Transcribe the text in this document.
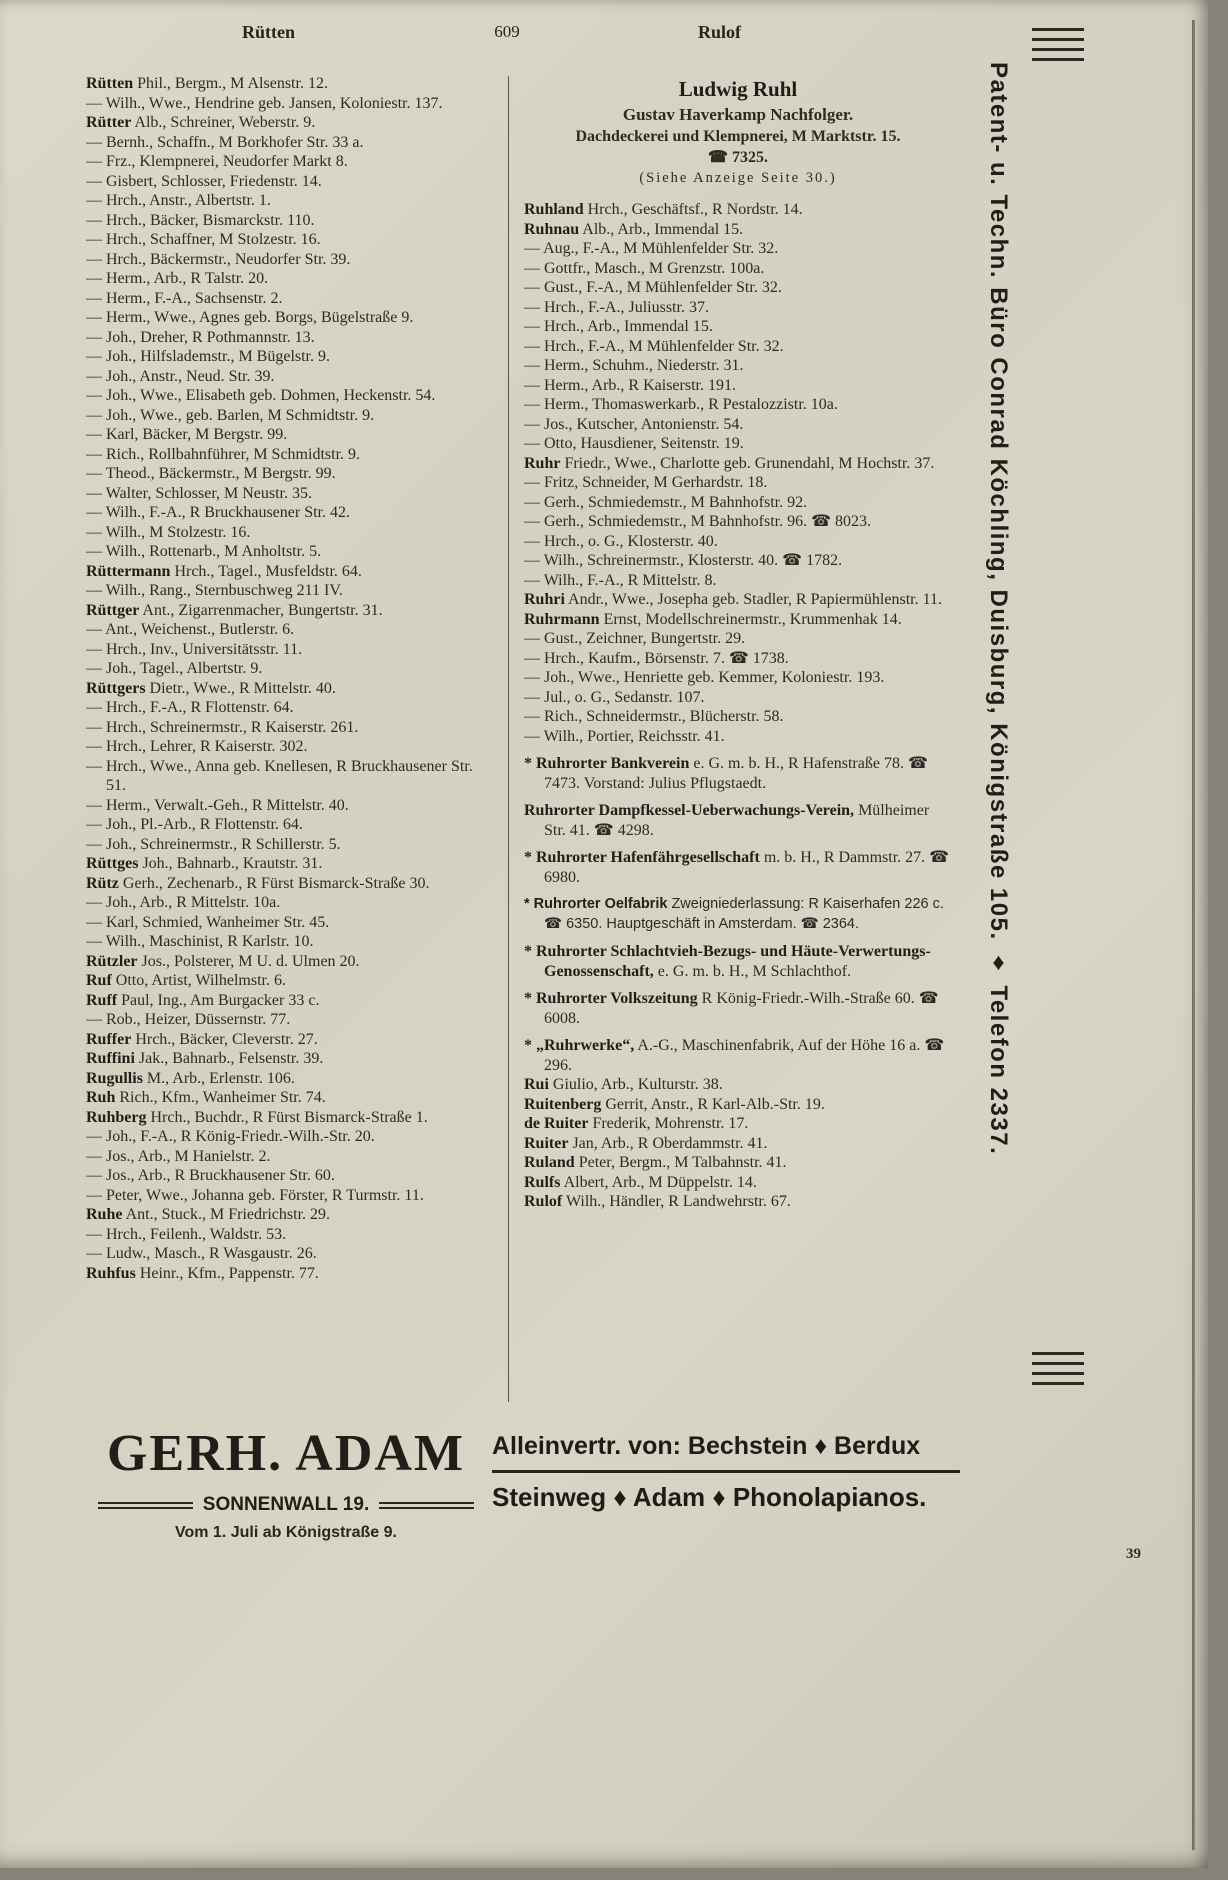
Rütten	609	Rulof
Rütten Phil., Bergm., M Alsenstr. 12.
— Wilh., Wwe., Hendrine geb. Jansen, Koloniestr. 137.
Rütter Alb., Schreiner, Weberstr. 9.
— Bernh., Schaffn., M Borkhofer Str. 33 a.
— Frz., Klempnerei, Neudorfer Markt 8.
— Gisbert, Schlosser, Friedenstr. 14.
— Hrch., Anstr., Albertstr. 1.
— Hrch., Bäcker, Bismarckstr. 110.
— Hrch., Schaffner, M Stolzestr. 16.
— Hrch., Bäckermstr., Neudorfer Str. 39.
— Herm., Arb., R Talstr. 20.
— Herm., F.-A., Sachsenstr. 2.
— Herm., Wwe., Agnes geb. Borgs, Bügelstraße 9.
— Joh., Dreher, R Pothmannstr. 13.
— Joh., Hilfslademstr., M Bügelstr. 9.
— Joh., Anstr., Neud. Str. 39.
— Joh., Wwe., Elisabeth geb. Dohmen, Heckenstr. 54.
— Joh., Wwe., geb. Barlen, M Schmidtstr. 9.
— Karl, Bäcker, M Bergstr. 99.
— Rich., Rollbahnführer, M Schmidtstr. 9.
— Theod., Bäckermstr., M Bergstr. 99.
— Walter, Schlosser, M Neustr. 35.
— Wilh., F.-A., R Bruckhausener Str. 42.
— Wilh., M Stolzestr. 16.
— Wilh., Rottenarb., M Anholtstr. 5.
Rüttermann Hrch., Tagel., Musfeldstr. 64.
— Wilh., Rang., Sternbuschweg 211 IV.
Rüttger Ant., Zigarrenmacher, Bungertstr. 31.
— Ant., Weichenst., Butlerstr. 6.
— Hrch., Inv., Universitätsstr. 11.
— Joh., Tagel., Albertstr. 9.
Rüttgers Dietr., Wwe., R Mittelstr. 40.
— Hrch., F.-A., R Flottenstr. 64.
— Hrch., Schreinermstr., R Kaiserstr. 261.
— Hrch., Lehrer, R Kaiserstr. 302.
— Hrch., Wwe., Anna geb. Knellesen, R Bruckhausener Str. 51.
— Herm., Verwalt.-Geh., R Mittelstr. 40.
— Joh., Pl.-Arb., R Flottenstr. 64.
— Joh., Schreinermstr., R Schillerstr. 5.
Rüttges Joh., Bahnarb., Krautstr. 31.
Rütz Gerh., Zechenarb., R Fürst Bismarck-Straße 30.
— Joh., Arb., R Mittelstr. 10a.
— Karl, Schmied, Wanheimer Str. 45.
— Wilh., Maschinist, R Karlstr. 10.
Rützler Jos., Polsterer, M U. d. Ulmen 20.
Ruf Otto, Artist, Wilhelmstr. 6.
Ruff Paul, Ing., Am Burgacker 33 c.
— Rob., Heizer, Düssernstr. 77.
Ruffer Hrch., Bäcker, Cleverstr. 27.
Ruffini Jak., Bahnarb., Felsenstr. 39.
Rugullis M., Arb., Erlenstr. 106.
Ruh Rich., Kfm., Wanheimer Str. 74.
Ruhberg Hrch., Buchdr., R Fürst Bismarck-Straße 1.
— Joh., F.-A., R König-Friedr.-Wilh.-Str. 20.
— Jos., Arb., M Hanielstr. 2.
— Jos., Arb., R Bruckhausener Str. 60.
— Peter, Wwe., Johanna geb. Förster, R Turmstr. 11.
Ruhe Ant., Stuck., M Friedrichstr. 29.
— Hrch., Feilenh., Waldstr. 53.
— Ludw., Masch., R Wasgaustr. 26.
Ruhfus Heinr., Kfm., Pappenstr. 77.
Ludwig Ruhl
Gustav Haverkamp Nachfolger.
Dachdeckerei und Klempnerei, M Marktstr. 15.
☎ 7325.
(Siehe Anzeige Seite 30.)
Ruhland Hrch., Geschäftsf., R Nordstr. 14.
Ruhnau Alb., Arb., Immendal 15.
— Aug., F.-A., M Mühlenfelder Str. 32.
— Gottfr., Masch., M Grenzstr. 100a.
— Gust., F.-A., M Mühlenfelder Str. 32.
— Hrch., F.-A., Juliusstr. 37.
— Hrch., Arb., Immendal 15.
— Hrch., F.-A., M Mühlenfelder Str. 32.
— Herm., Schuhm., Niederstr. 31.
— Herm., Arb., R Kaiserstr. 191.
— Herm., Thomaswerkarb., R Pestalozzistr. 10a.
— Jos., Kutscher, Antonienstr. 54.
— Otto, Hausdiener, Seitenstr. 19.
Ruhr Friedr., Wwe., Charlotte geb. Grunendahl, M Hochstr. 37.
— Fritz, Schneider, M Gerhardstr. 18.
— Gerh., Schmiedemstr., M Bahnhofstr. 92.
— Gerh., Schmiedemstr., M Bahnhofstr. 96. ☎ 8023.
— Hrch., o. G., Klosterstr. 40.
— Wilh., Schreinermstr., Klosterstr. 40. ☎ 1782.
— Wilh., F.-A., R Mittelstr. 8.
Ruhri Andr., Wwe., Josepha geb. Stadler, R Papiermühlenstr. 11.
Ruhrmann Ernst, Modellschreinermstr., Krummenhak 14.
— Gust., Zeichner, Bungertstr. 29.
— Hrch., Kaufm., Börsenstr. 7. ☎ 1738.
— Joh., Wwe., Henriette geb. Kemmer, Koloniestr. 193.
— Jul., o. G., Sedanstr. 107.
— Rich., Schneidermstr., Blücherstr. 58.
— Wilh., Portier, Reichsstr. 41.
* Ruhrorter Bankverein e. G. m. b. H., R Hafenstraße 78. ☎ 7473. Vorstand: Julius Pflugstaedt.
Ruhrorter Dampfkessel-Ueberwachungs-Verein, Mülheimer Str. 41. ☎ 4298.
* Ruhrorter Hafenfährgesellschaft m. b. H., R Dammstr. 27. ☎ 6980.
* Ruhrorter Oelfabrik Zweigniederlassung: R Kaiserhafen 226 c. ☎ 6350. Hauptgeschäft in Amsterdam. ☎ 2364.
* Ruhrorter Schlachtvieh-Bezugs- und Häute-Verwertungs-Genossenschaft, e. G. m. b. H., M Schlachthof.
* Ruhrorter Volkszeitung R König-Friedr.-Wilh.-Straße 60. ☎ 6008.
* „Ruhrwerke“, A.-G., Maschinenfabrik, Auf der Höhe 16 a. ☎ 296.
Rui Giulio, Arb., Kulturstr. 38.
Ruitenberg Gerrit, Anstr., R Karl-Alb.-Str. 19.
de Ruiter Frederik, Mohrenstr. 17.
Ruiter Jan, Arb., R Oberdammstr. 41.
Ruland Peter, Bergm., M Talbahnstr. 41.
Rulfs Albert, Arb., M Düppelstr. 14.
Rulof Wilh., Händler, R Landwehrstr. 67.
Patent- u. Techn. Büro Conrad Köchling, Duisburg, Königstraße 105. ♦ Telefon 2337.
GERH. ADAM
SONNENWALL 19.
Vom 1. Juli ab Königstraße 9.
Alleinvertr. von: Bechstein ♦ Berdux
Steinweg ♦ Adam ♦ Phonolapianos.
39
